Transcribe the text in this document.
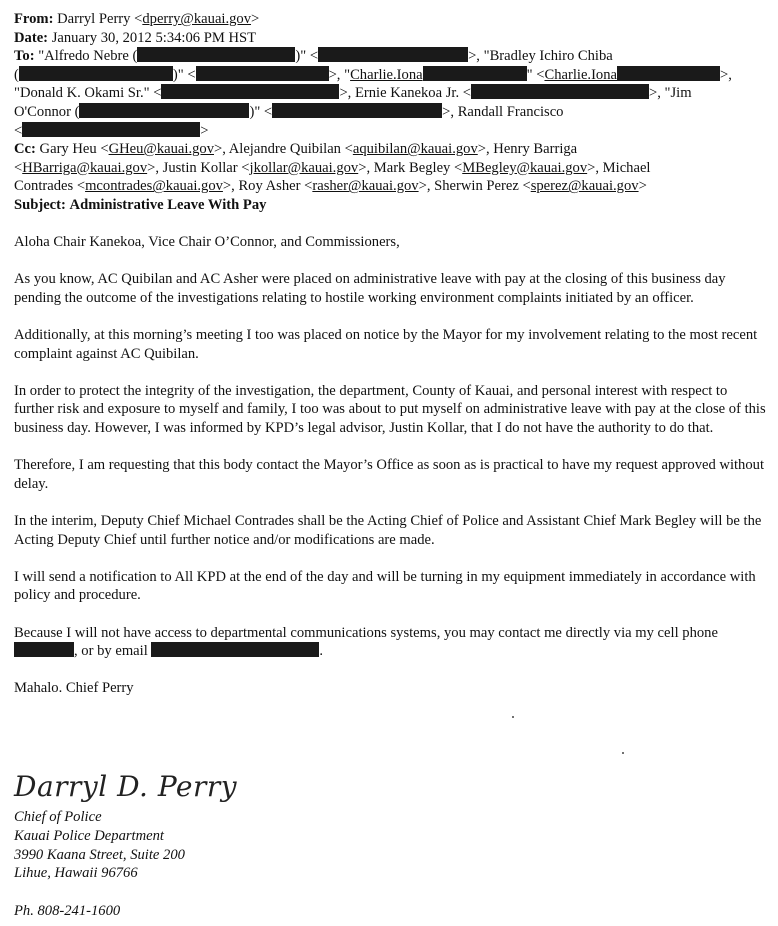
From: Darryl Perry <dperry@kauai.gov>
Date: January 30, 2012 5:34:06 PM HST
To: "Alfredo Nebre (	)" <	>, "Bradley Ichiro Chiba
(	)" <	>, "Charlie.Iona	" <Charlie.Iona	>,
"Donald K. Okami Sr." <	>, Ernie Kanekoa Jr. <	>, "Jim
O'Connor (	)" <	>, Randall Francisco
<	>
Cc: Gary Heu <GHeu@kauai.gov>, Alejandre Quibilan <aquibilan@kauai.gov>, Henry Barriga
<HBarriga@kauai.gov>, Justin Kollar <jkollar@kauai.gov>, Mark Begley <MBegley@kauai.gov>, Michael
Contrades <mcontrades@kauai.gov>, Roy Asher <rasher@kauai.gov>, Sherwin Perez <sperez@kauai.gov>
Subject: Administrative Leave With Pay
Aloha Chair Kanekoa, Vice Chair O’Connor, and Commissioners,
As you know, AC Quibilan and AC Asher were placed on administrative leave with pay at the closing of this business day pending the outcome of the investigations relating to hostile working environment complaints initiated by an officer.
Additionally, at this morning’s meeting I too was placed on notice by the Mayor for my involvement relating to the most recent complaint against AC Quibilan.
In order to protect the integrity of the investigation, the department, County of Kauai, and personal interest with respect to further risk and exposure to myself and family, I too was about to put myself on administrative leave with pay at the close of this business day. However, I was informed by KPD’s legal advisor, Justin Kollar, that I do not have the authority to do that.
Therefore, I am requesting that this body contact the Mayor’s Office as soon as is practical to have my request approved without delay.
In the interim, Deputy Chief Michael Contrades shall be the Acting Chief of Police and Assistant Chief Mark Begley will be the Acting Deputy Chief until further notice and/or modifications are made.
I will send a notification to All KPD at the end of the day and will be turning in my equipment immediately in accordance with policy and procedure.
Because I will not have access to departmental communications systems, you may contact me directly via my cell phone , or by email	.
Mahalo. Chief Perry
Darryl D. Perry
Chief of Police
Kauai Police Department
3990 Kaana Street, Suite 200
Lihue, Hawaii 96766
Ph. 808-241-1600
